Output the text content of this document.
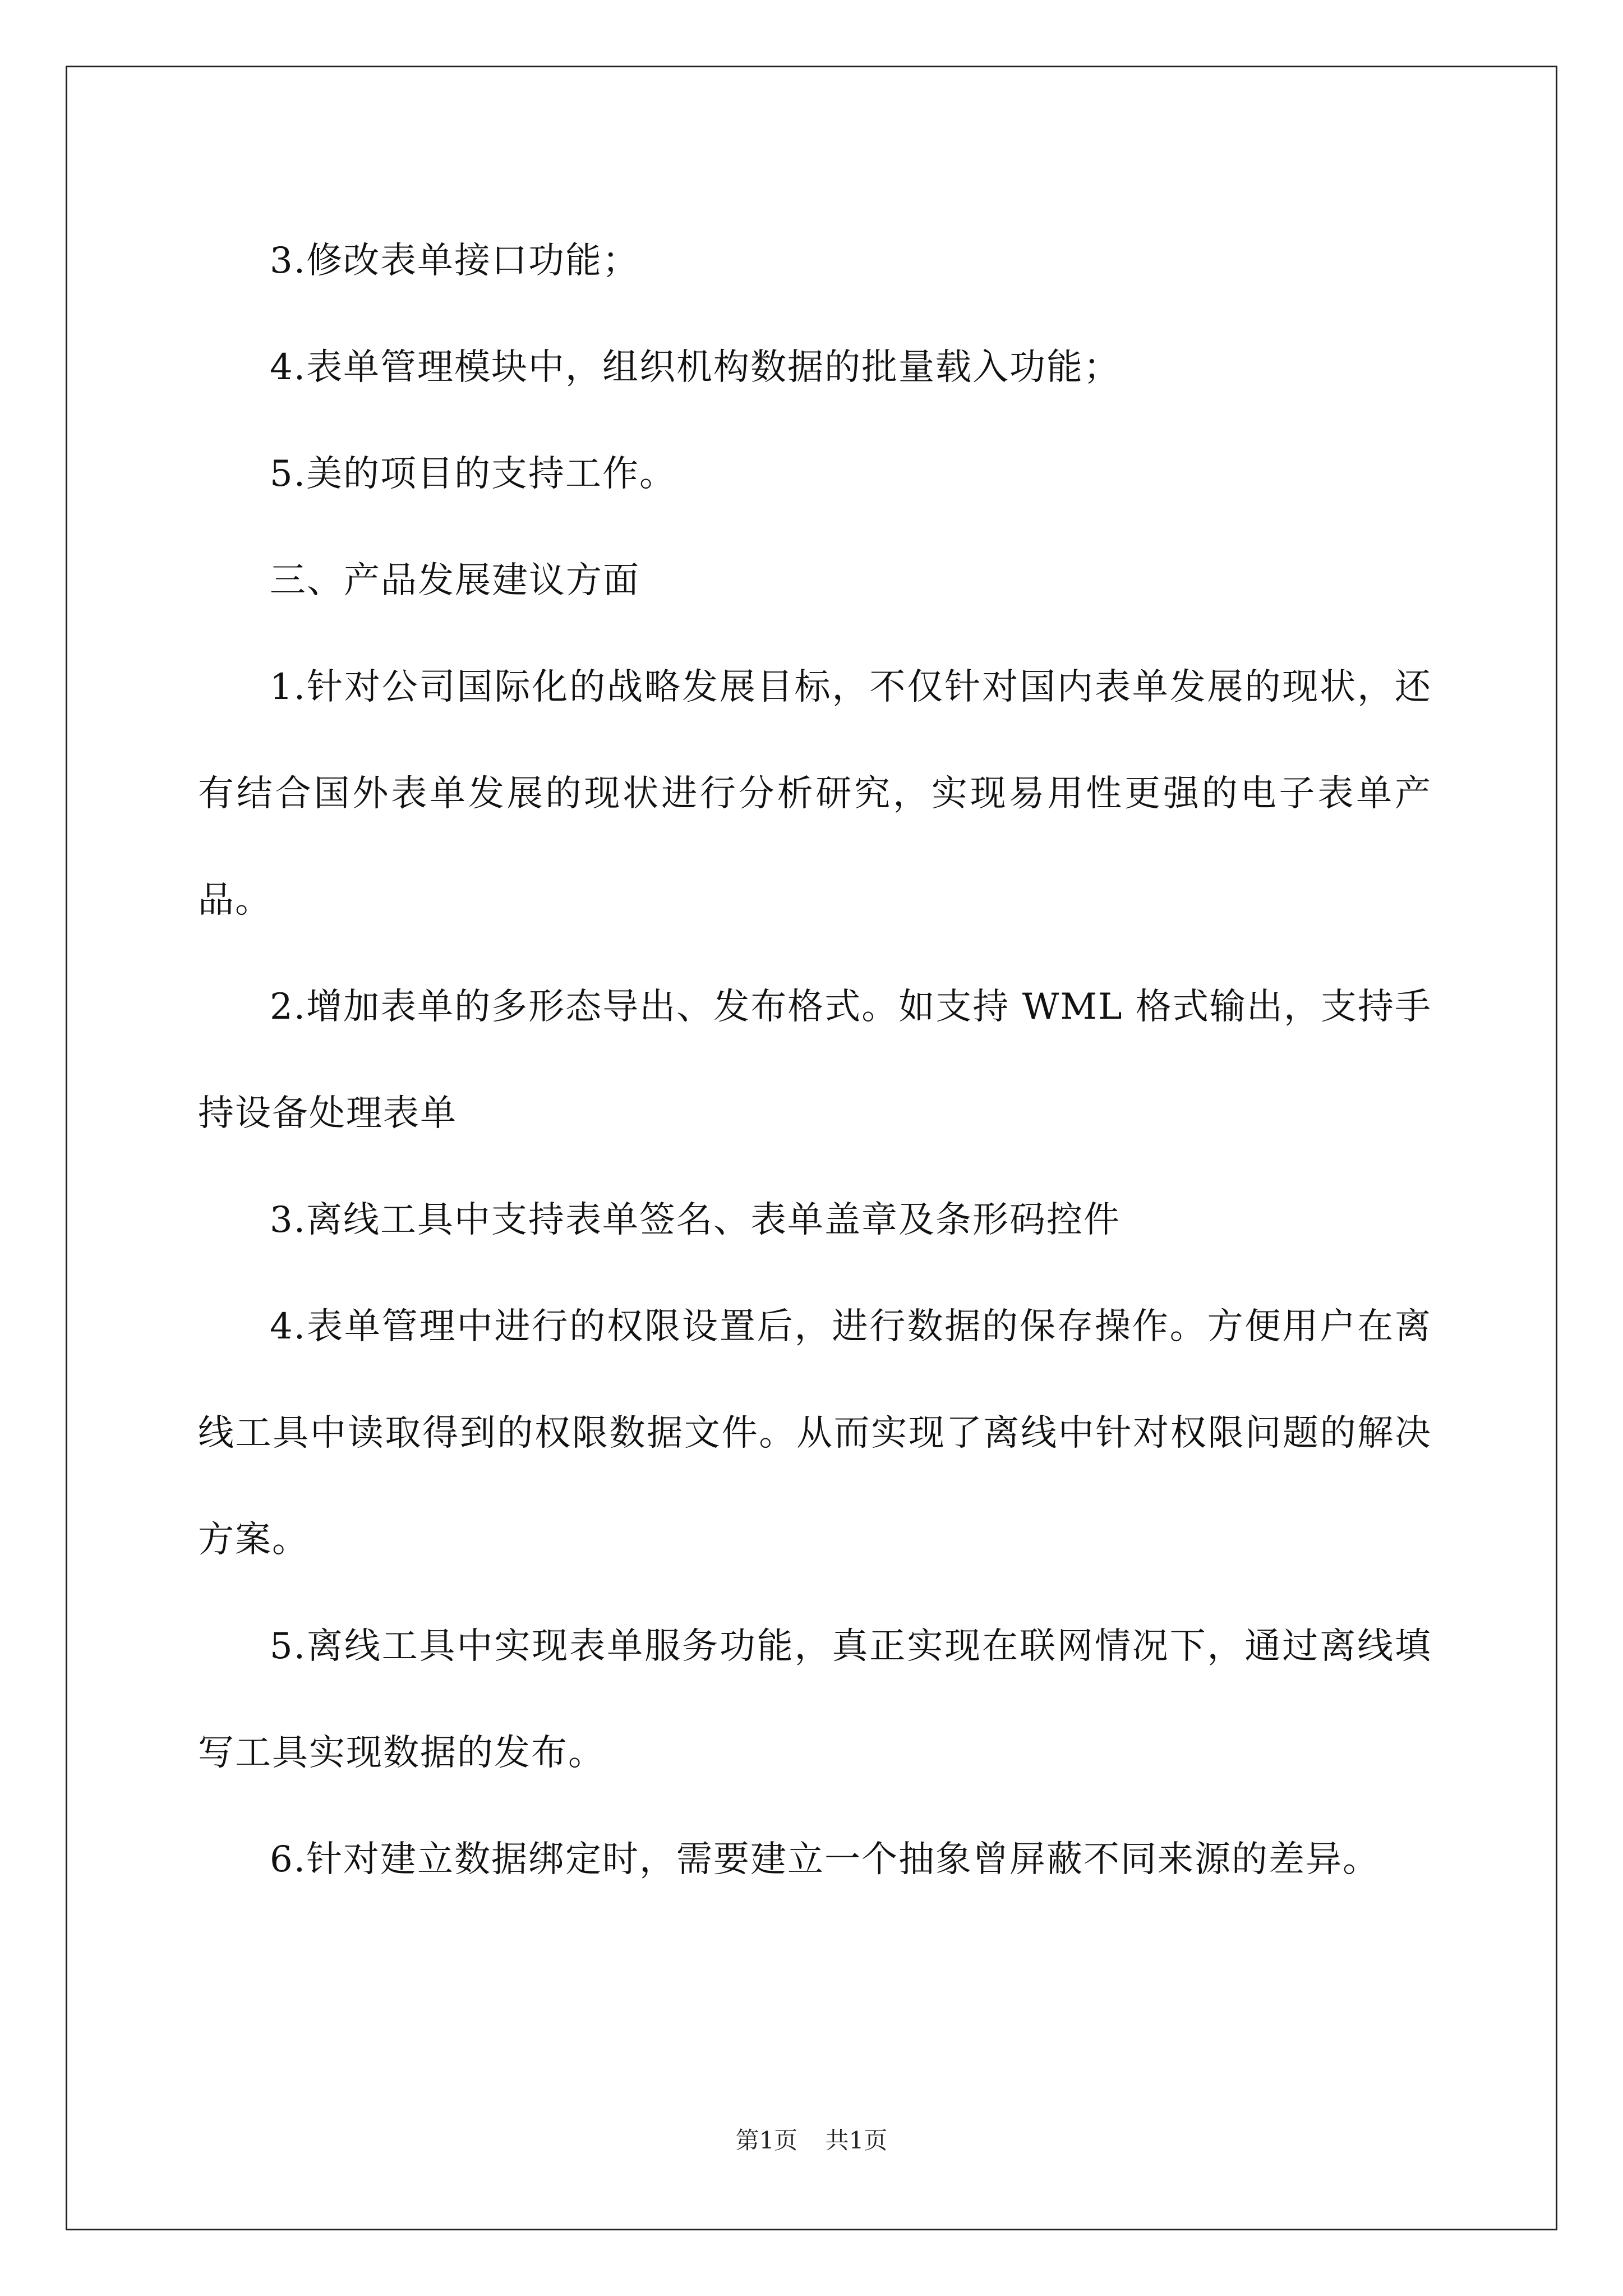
3.修改表单接口功能；

4.表单管理模块中，组织机构数据的批量载入功能；

5.美的项目的支持工作。

三、产品发展建议方面

1.针对公司国际化的战略发展目标，不仅针对国内表单发展的现状，还有结合国外表单发展的现状进行分析研究，实现易用性更强的电子表单产品。

2.增加表单的多形态导出、发布格式。如支持 WML 格式输出，支持手持设备处理表单

3.离线工具中支持表单签名、表单盖章及条形码控件

4.表单管理中进行的权限设置后，进行数据的保存操作。方便用户在离线工具中读取得到的权限数据文件。从而实现了离线中针对权限问题的解决方案。

5.离线工具中实现表单服务功能，真正实现在联网情况下，通过离线填写工具实现数据的发布。

6.针对建立数据绑定时，需要建立一个抽象曾屏蔽不同来源的差异。

第1页 共1页
